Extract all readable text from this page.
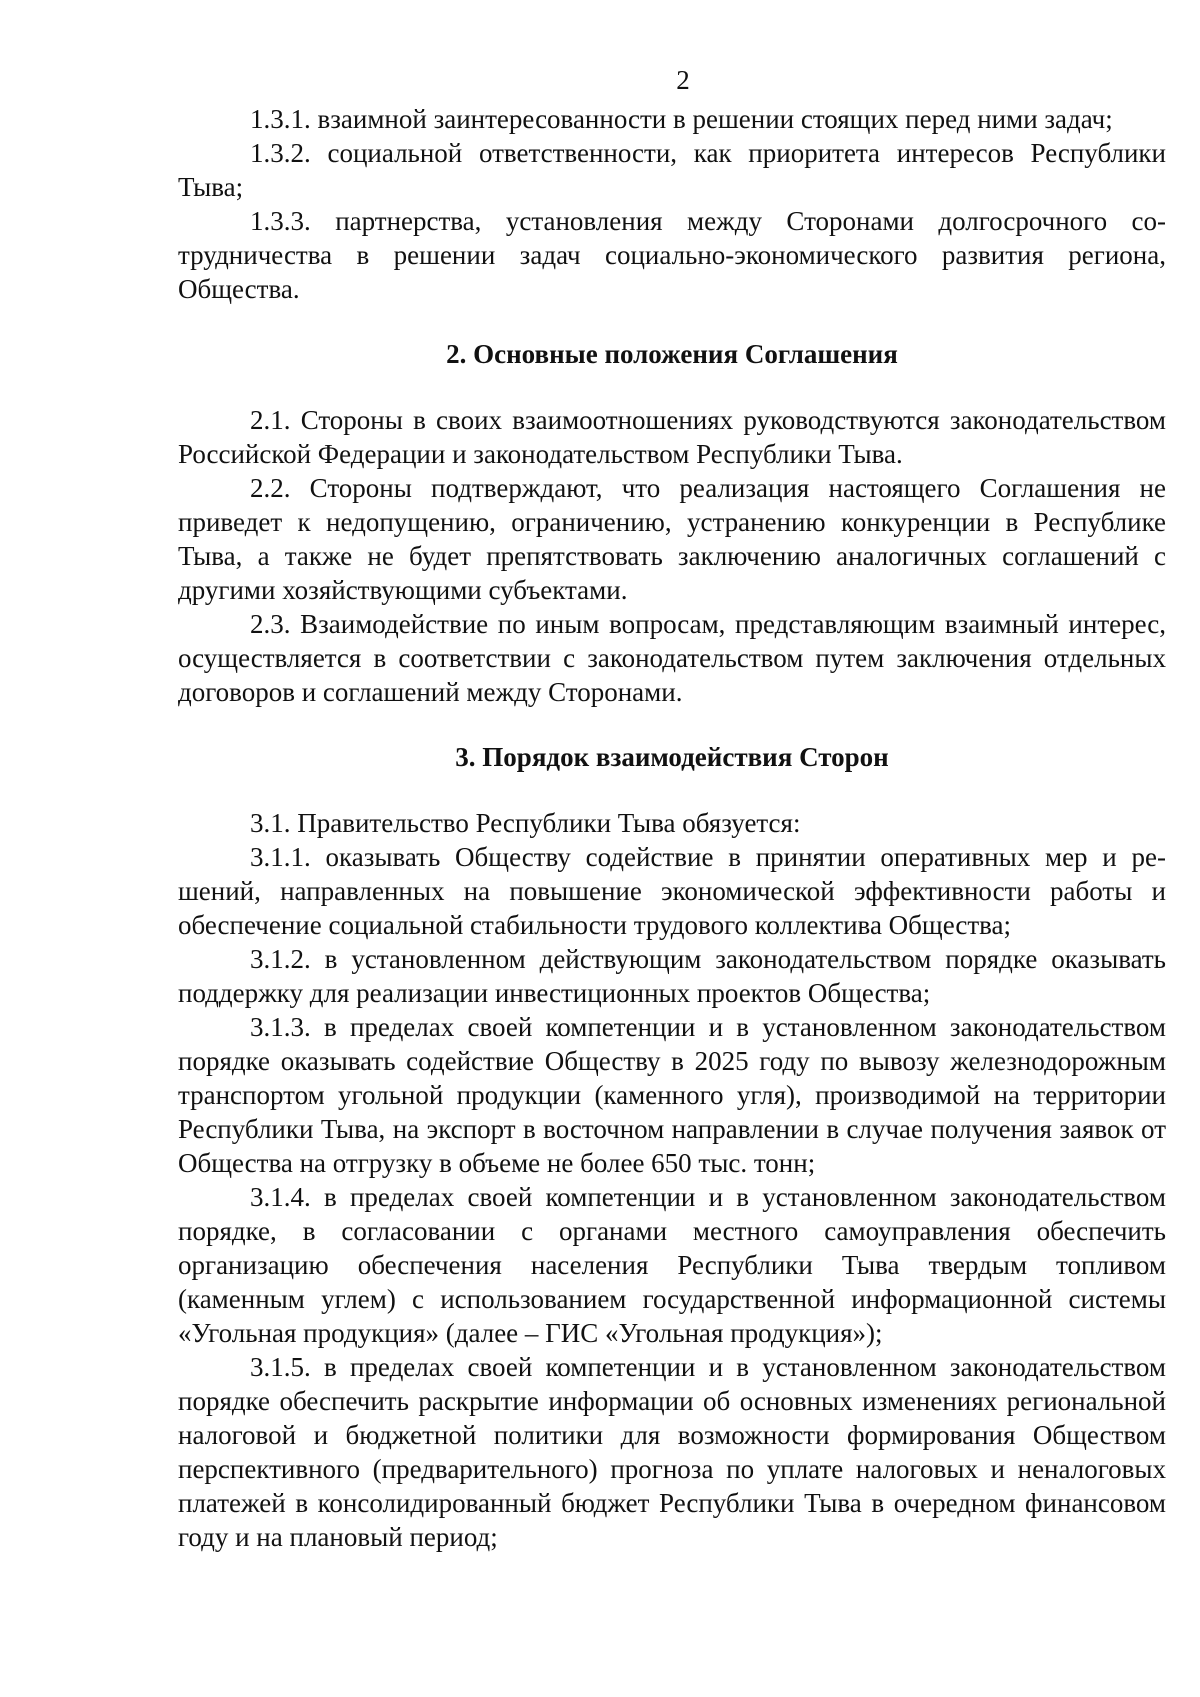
2

1.3.1. взаимной заинтересованности в решении стоящих перед ними задач;

1.3.2. социальной ответственности, как приоритета интересов Республики Тыва;

1.3.3. партнерства, установления между Сторонами долгосрочного сотрудничества в решении задач социально-экономического развития региона, Общества.

2. Основные положения Соглашения

2.1. Стороны в своих взаимоотношениях руководствуются законодательством Российской Федерации и законодательством Республики Тыва.

2.2. Стороны подтверждают, что реализация настоящего Соглашения не приведет к недопущению, ограничению, устранению конкуренции в Республике Тыва, а также не будет препятствовать заключению аналогичных соглашений с другими хозяйствующими субъектами.

2.3. Взаимодействие по иным вопросам, представляющим взаимный интерес, осуществляется в соответствии с законодательством путем заключения отдельных договоров и соглашений между Сторонами.

3. Порядок взаимодействия Сторон

3.1. Правительство Республики Тыва обязуется:

3.1.1. оказывать Обществу содействие в принятии оперативных мер и решений, направленных на повышение экономической эффективности работы и обеспечение социальной стабильности трудового коллектива Общества;

3.1.2. в установленном действующим законодательством порядке оказывать поддержку для реализации инвестиционных проектов Общества;

3.1.3. в пределах своей компетенции и в установленном законодательством порядке оказывать содействие Обществу в 2025 году по вывозу железнодорожным транспортом угольной продукции (каменного угля), производимой на территории Республики Тыва, на экспорт в восточном направлении в случае получения заявок от Общества на отгрузку в объеме не более 650 тыс. тонн;

3.1.4. в пределах своей компетенции и в установленном законодательством порядке, в согласовании с органами местного самоуправления обеспечить организацию обеспечения населения Республики Тыва твердым топливом (каменным углем) с использованием государственной информационной системы «Угольная продукция» (далее – ГИС «Угольная продукция»);

3.1.5. в пределах своей компетенции и в установленном законодательством порядке обеспечить раскрытие информации об основных изменениях региональной налоговой и бюджетной политики для возможности формирования Обществом перспективного (предварительного) прогноза по уплате налоговых и неналоговых платежей в консолидированный бюджет Республики Тыва в очередном финансовом году и на плановый период;
